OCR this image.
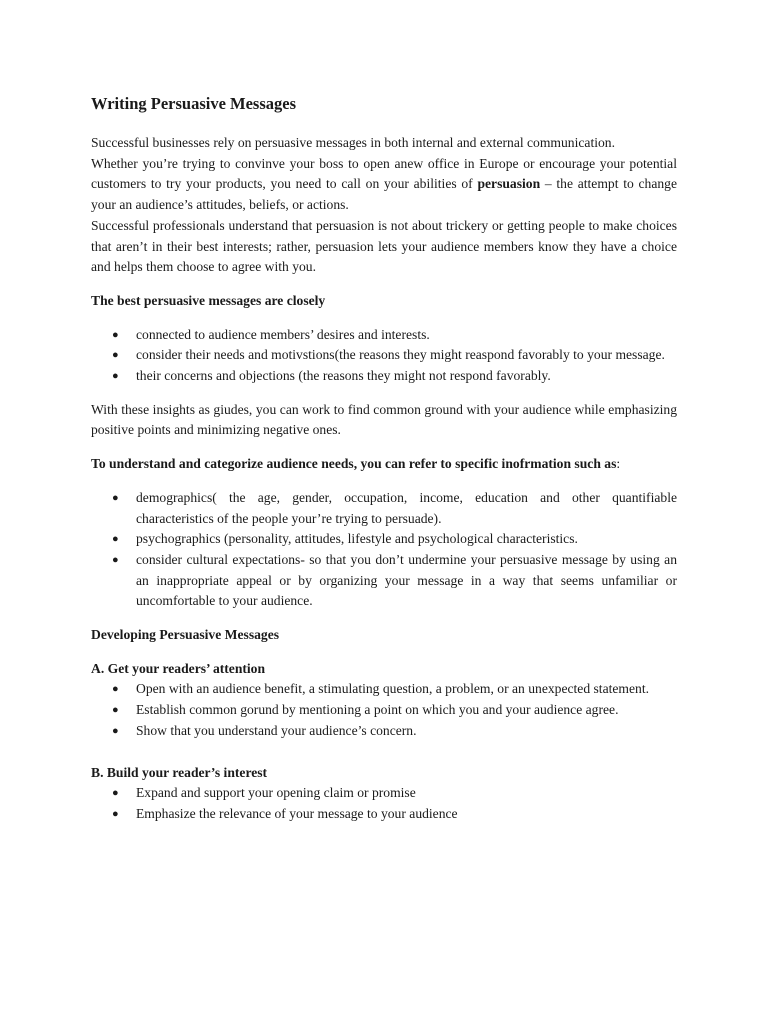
Writing Persuasive Messages

Successful businesses rely on persuasive messages in both internal and external communication.

Whether you’re trying to convinve your boss to open anew office in Europe or encourage your potential customers to try your products, you need to call on your abilities of persuasion – the attempt to change your an audience’s attitudes, beliefs, or actions.

Successful professionals understand that persuasion is not about trickery or getting people to make choices that aren’t in their best interests; rather, persuasion lets your audience members know they have a choice and helps them choose to agree with you.

The best persuasive messages are closely

● connected to audience members’ desires and interests.
● consider their needs and motivstions(the reasons they might reaspond favorably to your message.
● their concerns and objections (the reasons they might not respond favorably.

With these insights as giudes, you can work to find common ground with your audience while emphasizing positive points and minimizing negative ones.

To understand and categorize audience needs, you can refer to specific inofrmation such as:

● demographics( the age, gender, occupation, income, education and other quantifiable characteristics of the people your’re trying to persuade).
● psychographics (personality, attitudes, lifestyle and psychological characteristics.
● consider cultural expectations- so that you don’t undermine your persuasive message by using an an inappropriate appeal or by organizing your message in a way that seems unfamiliar or uncomfortable to your audience.

Developing Persuasive Messages

A. Get your readers’ attention

● Open with an audience benefit, a stimulating question, a problem, or an unexpected statement.
● Establish common gorund by mentioning a point on which you and your audience agree.
● Show that you understand your audience’s concern.

B. Build your reader’s interest

● Expand and support your opening claim or promise
● Emphasize the relevance of your message to your audience
